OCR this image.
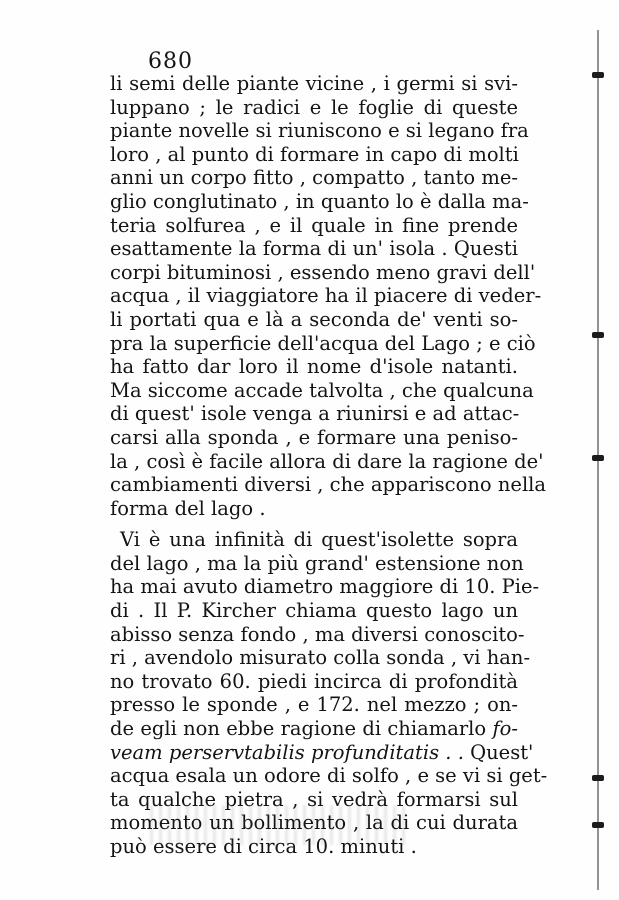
680
li semi delle piante vicine , i germi si svi-
luppano ; le radici e le foglie di queste
piante novelle si riuniscono e si legano fra
loro , al punto di formare in capo di molti
anni un corpo fitto , compatto , tanto me-
glio conglutinato , in quanto lo è dalla ma-
teria solfurea , e il quale in fine prende
esattamente la forma di un' isola . Questi
corpi bituminosi , essendo meno gravi dell'
acqua , il viaggiatore ha il piacere di veder-
li portati qua e là a seconda de' venti so-
pra la superficie dell'acqua del Lago ; e ciò
ha fatto dar loro il nome d'isole natanti.
Ma siccome accade talvolta , che qualcuna
di quest' isole venga a riunirsi e ad attac-
carsi alla sponda , e formare una peniso-
la , così è facile allora di dare la ragione de'
cambiamenti diversi , che appariscono nella
forma del lago .
Vi è una infinità di quest'isolette sopra
del lago , ma la più grand' estensione non
ha mai avuto diametro maggiore di 10. Pie-
di . Il P. Kircher chiama questo lago un
abisso senza fondo , ma diversi conoscito-
ri , avendolo misurato colla sonda , vi han-
no trovato 60. piedi incirca di profondità
presso le sponde , e 172. nel mezzo ; on-
de egli non ebbe ragione di chiamarlo fo-
veam perservtabilis profunditatis . . Quest'
acqua esala un odore di solfo , e se vi si get-
ta qualche pietra , si vedrà formarsi sul
momento un bollimento , la di cui durata
può essere di circa 10. minuti .
